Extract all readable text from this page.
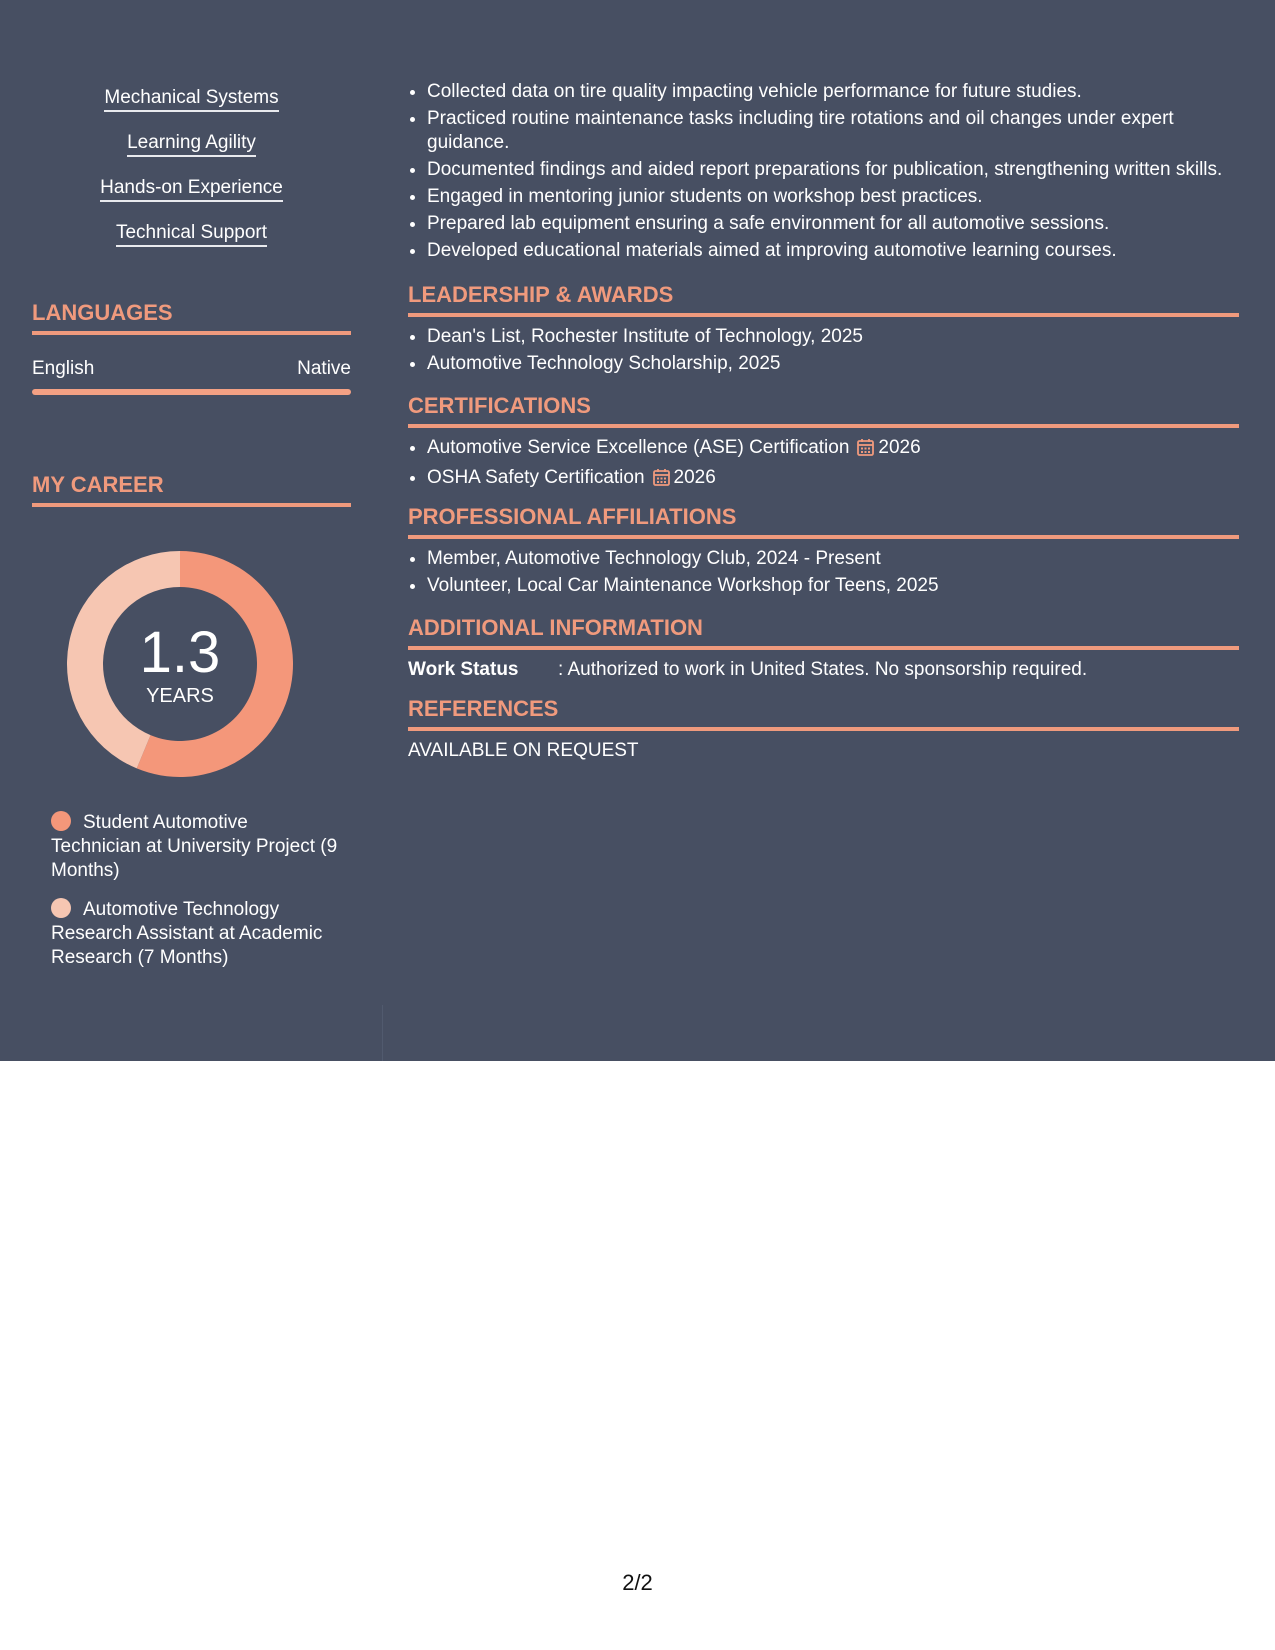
Mechanical Systems
Learning Agility
Hands-on Experience
Technical Support
LANGUAGES
English	Native
MY CAREER
1.3
YEARS
Student Automotive Technician at University Project (9 Months)
Automotive Technology Research Assistant at Academic Research (7 Months)
• Collected data on tire quality impacting vehicle performance for future studies.
• Practiced routine maintenance tasks including tire rotations and oil changes under expert guidance.
• Documented findings and aided report preparations for publication, strengthening written skills.
• Engaged in mentoring junior students on workshop best practices.
• Prepared lab equipment ensuring a safe environment for all automotive sessions.
• Developed educational materials aimed at improving automotive learning courses.
LEADERSHIP & AWARDS
• Dean's List, Rochester Institute of Technology, 2025
• Automotive Technology Scholarship, 2025
CERTIFICATIONS
• Automotive Service Excellence (ASE) Certification 2026
• OSHA Safety Certification 2026
PROFESSIONAL AFFILIATIONS
• Member, Automotive Technology Club, 2024 - Present
• Volunteer, Local Car Maintenance Workshop for Teens, 2025
ADDITIONAL INFORMATION
Work Status	: Authorized to work in United States. No sponsorship required.
REFERENCES
AVAILABLE ON REQUEST
2/2
